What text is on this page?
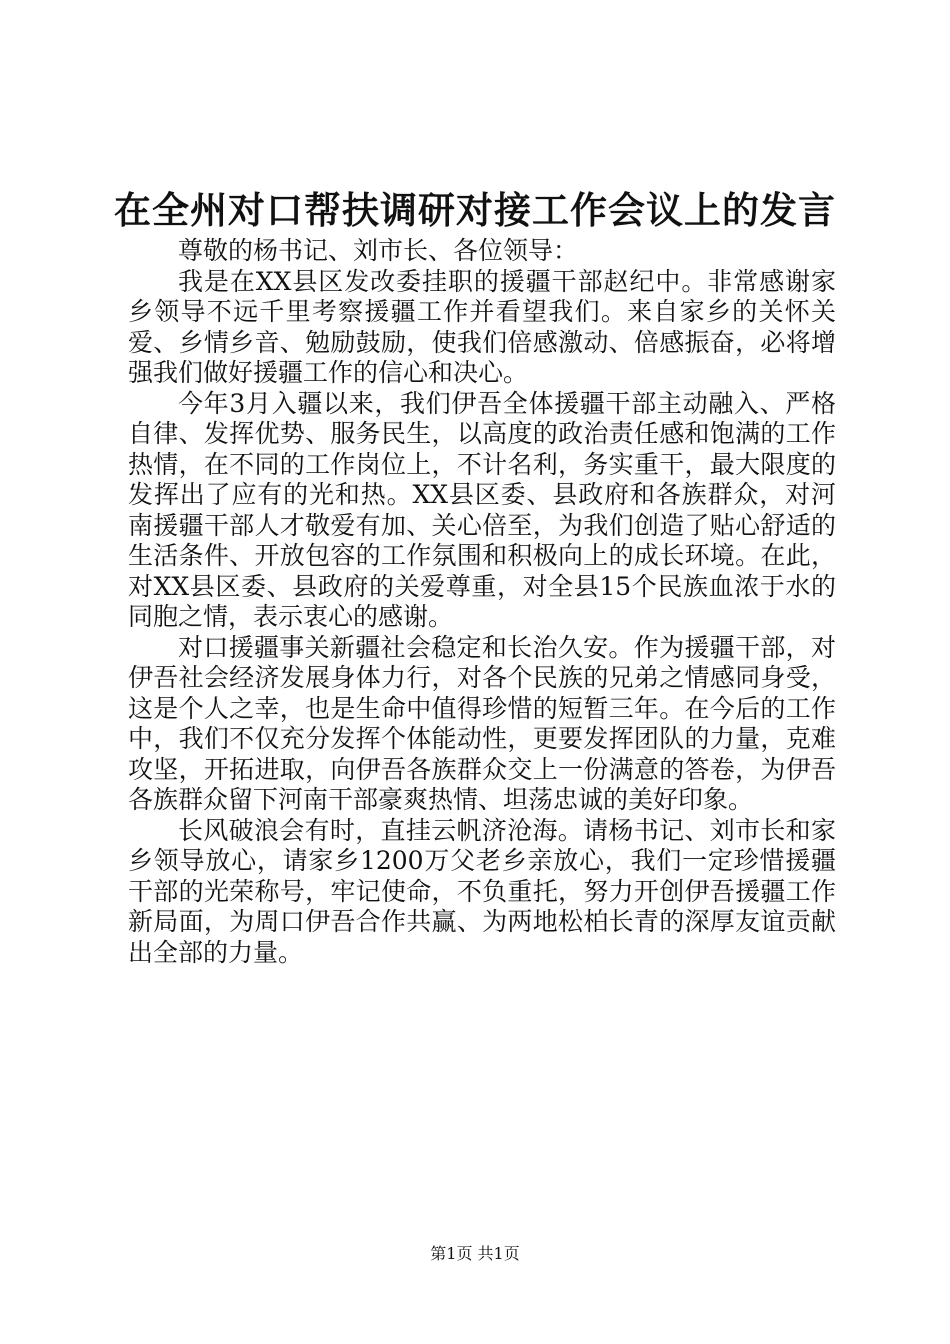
在全州对口帮扶调研对接工作会议上的发言

尊敬的杨书记、刘市长、各位领导：

我是在XX县区发改委挂职的援疆干部赵纪中。非常感谢家乡领导不远千里考察援疆工作并看望我们。来自家乡的关怀关爱、乡情乡音、勉励鼓励，使我们倍感激动、倍感振奋，必将增强我们做好援疆工作的信心和决心。

今年3月入疆以来，我们伊吾全体援疆干部主动融入、严格自律、发挥优势、服务民生，以高度的政治责任感和饱满的工作热情，在不同的工作岗位上，不计名利，务实重干，最大限度的发挥出了应有的光和热。XX县区委、县政府和各族群众，对河南援疆干部人才敬爱有加、关心倍至，为我们创造了贴心舒适的生活条件、开放包容的工作氛围和积极向上的成长环境。在此，对XX县区委、县政府的关爱尊重，对全县15个民族血浓于水的同胞之情，表示衷心的感谢。

对口援疆事关新疆社会稳定和长治久安。作为援疆干部，对伊吾社会经济发展身体力行，对各个民族的兄弟之情感同身受，这是个人之幸，也是生命中值得珍惜的短暂三年。在今后的工作中，我们不仅充分发挥个体能动性，更要发挥团队的力量，克难攻坚，开拓进取，向伊吾各族群众交上一份满意的答卷，为伊吾各族群众留下河南干部豪爽热情、坦荡忠诚的美好印象。

长风破浪会有时，直挂云帆济沧海。请杨书记、刘市长和家乡领导放心，请家乡1200万父老乡亲放心，我们一定珍惜援疆干部的光荣称号，牢记使命，不负重托，努力开创伊吾援疆工作新局面，为周口伊吾合作共赢、为两地松柏长青的深厚友谊贡献出全部的力量。

第1页 共1页
